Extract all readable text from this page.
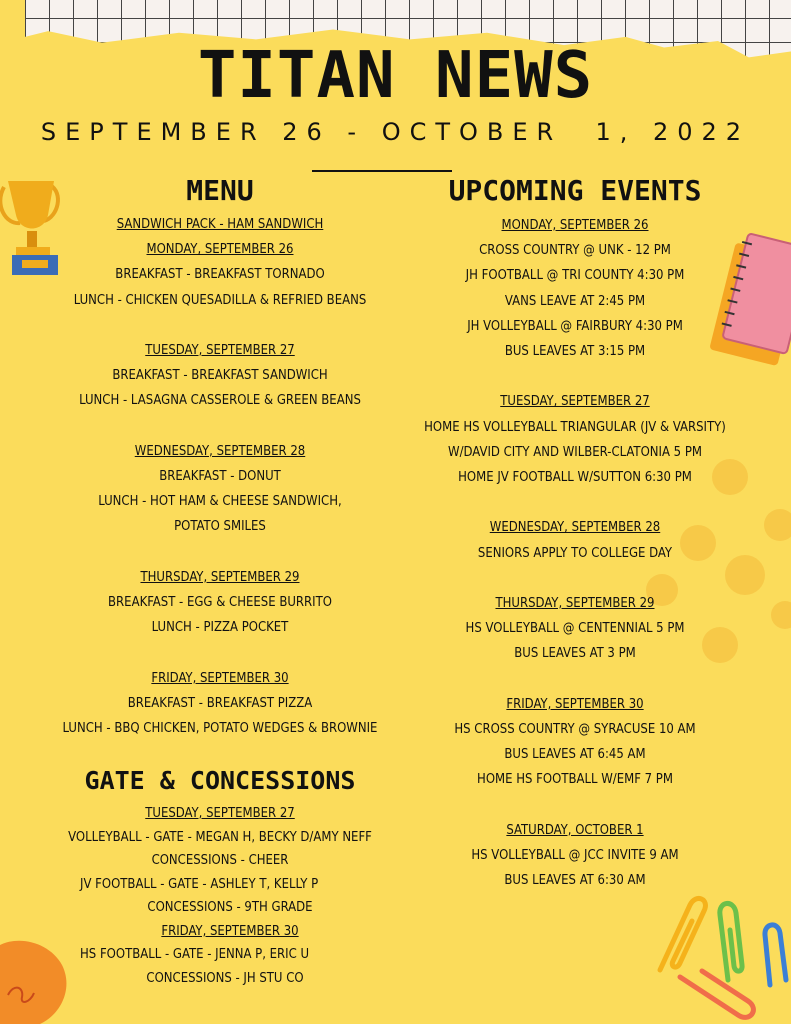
TITAN NEWS
SEPTEMBER 26 - OCTOBER  1, 2022
MENU
SANDWICH PACK - HAM SANDWICH
MONDAY, SEPTEMBER 26
BREAKFAST - BREAKFAST TORNADO
LUNCH - CHICKEN QUESADILLA & REFRIED BEANS
TUESDAY, SEPTEMBER 27
BREAKFAST - BREAKFAST SANDWICH
LUNCH - LASAGNA CASSEROLE & GREEN BEANS
WEDNESDAY, SEPTEMBER 28
BREAKFAST - DONUT
LUNCH - HOT HAM & CHEESE SANDWICH,
POTATO SMILES
THURSDAY, SEPTEMBER 29
BREAKFAST - EGG & CHEESE BURRITO
LUNCH - PIZZA POCKET
FRIDAY, SEPTEMBER 30
BREAKFAST - BREAKFAST PIZZA
LUNCH - BBQ CHICKEN, POTATO WEDGES & BROWNIE
GATE & CONCESSIONS
TUESDAY, SEPTEMBER 27
VOLLEYBALL - GATE - MEGAN H, BECKY D/AMY NEFF
CONCESSIONS - CHEER
JV FOOTBALL - GATE - ASHLEY T, KELLY P
CONCESSIONS - 9TH GRADE
FRIDAY, SEPTEMBER 30
HS FOOTBALL - GATE - JENNA P, ERIC U
CONCESSIONS - JH STU CO
UPCOMING EVENTS
MONDAY, SEPTEMBER 26
CROSS COUNTRY @ UNK - 12 PM
JH FOOTBALL @ TRI COUNTY 4:30 PM
VANS LEAVE AT 2:45 PM
JH VOLLEYBALL @ FAIRBURY 4:30 PM
BUS LEAVES AT 3:15 PM
TUESDAY, SEPTEMBER 27
HOME HS VOLLEYBALL TRIANGULAR (JV & VARSITY)
W/DAVID CITY AND WILBER-CLATONIA 5 PM
HOME JV FOOTBALL W/SUTTON 6:30 PM
WEDNESDAY, SEPTEMBER 28
SENIORS APPLY TO COLLEGE DAY
THURSDAY, SEPTEMBER 29
HS VOLLEYBALL @ CENTENNIAL 5 PM
BUS LEAVES AT 3 PM
FRIDAY, SEPTEMBER 30
HS CROSS COUNTRY @ SYRACUSE 10 AM
BUS LEAVES AT 6:45 AM
HOME HS FOOTBALL W/EMF 7 PM
SATURDAY, OCTOBER 1
HS VOLLEYBALL @ JCC INVITE 9 AM
BUS LEAVES AT 6:30 AM
